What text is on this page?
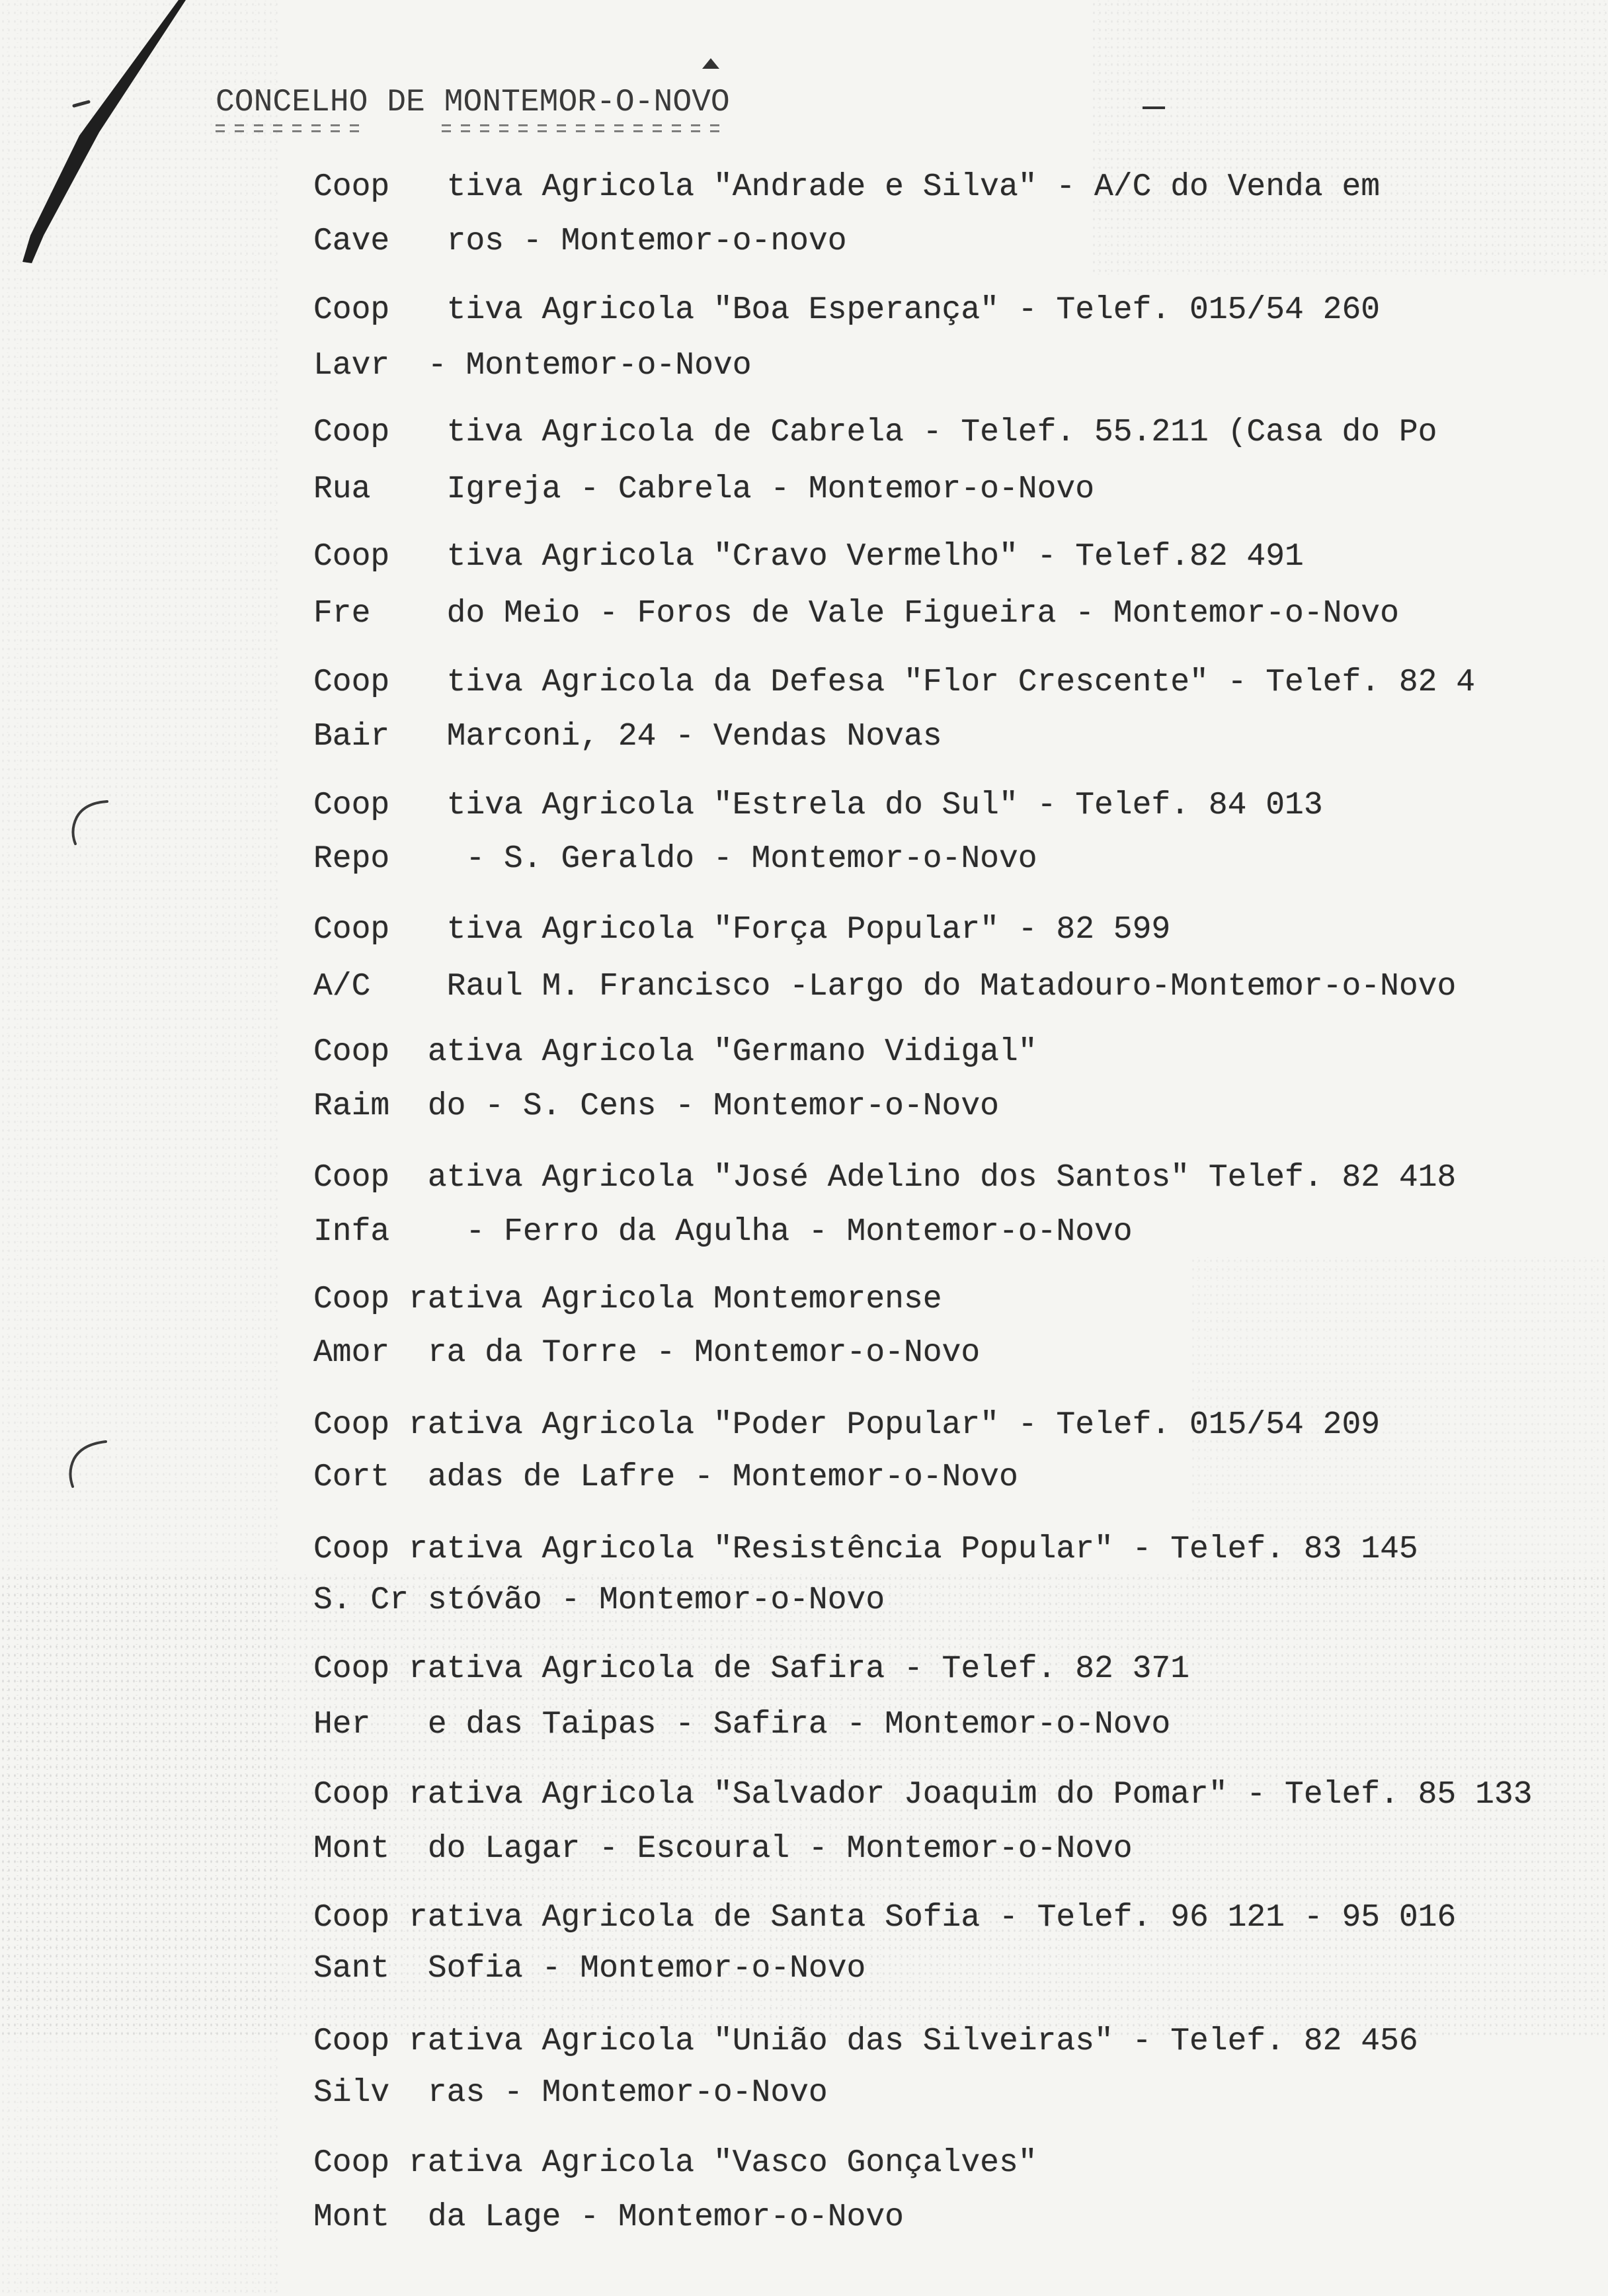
CONCELHO DE MONTEMOR-O-NOVO
Coop   tiva Agricola "Andrade e Silva" - A/C do Venda em
Cave   ros - Montemor-o-novo
Coop   tiva Agricola "Boa Esperança" - Telef. 015/54 260
Lavr  - Montemor-o-Novo
Coop   tiva Agricola de Cabrela - Telef. 55.211 (Casa do Po
Rua    Igreja - Cabrela - Montemor-o-Novo
Coop   tiva Agricola "Cravo Vermelho" - Telef.82 491
Fre    do Meio - Foros de Vale Figueira - Montemor-o-Novo
Coop   tiva Agricola da Defesa "Flor Crescente" - Telef. 82 4
Bair   Marconi, 24 - Vendas Novas
Coop   tiva Agricola "Estrela do Sul" - Telef. 84 013
Repo    - S. Geraldo - Montemor-o-Novo
Coop   tiva Agricola "Força Popular" - 82 599
A/C    Raul M. Francisco -Largo do Matadouro-Montemor-o-Novo
Coop  ativa Agricola "Germano Vidigal"
Raim  do - S. Cens - Montemor-o-Novo
Coop  ativa Agricola "José Adelino dos Santos" Telef. 82 418
Infa    - Ferro da Agulha - Montemor-o-Novo
Coop rativa Agricola Montemorense
Amor  ra da Torre - Montemor-o-Novo
Coop rativa Agricola "Poder Popular" - Telef. 015/54 209
Cort  adas de Lafre - Montemor-o-Novo
Coop rativa Agricola "Resistência Popular" - Telef. 83 145
S. Cr stóvão - Montemor-o-Novo
Coop rativa Agricola de Safira - Telef. 82 371
Her   e das Taipas - Safira - Montemor-o-Novo
Coop rativa Agricola "Salvador Joaquim do Pomar" - Telef. 85 133
Mont  do Lagar - Escoural - Montemor-o-Novo
Coop rativa Agricola de Santa Sofia - Telef. 96 121 - 95 016
Sant  Sofia - Montemor-o-Novo
Coop rativa Agricola "União das Silveiras" - Telef. 82 456
Silv  ras - Montemor-o-Novo
Coop rativa Agricola "Vasco Gonçalves"
Mont  da Lage - Montemor-o-Novo
